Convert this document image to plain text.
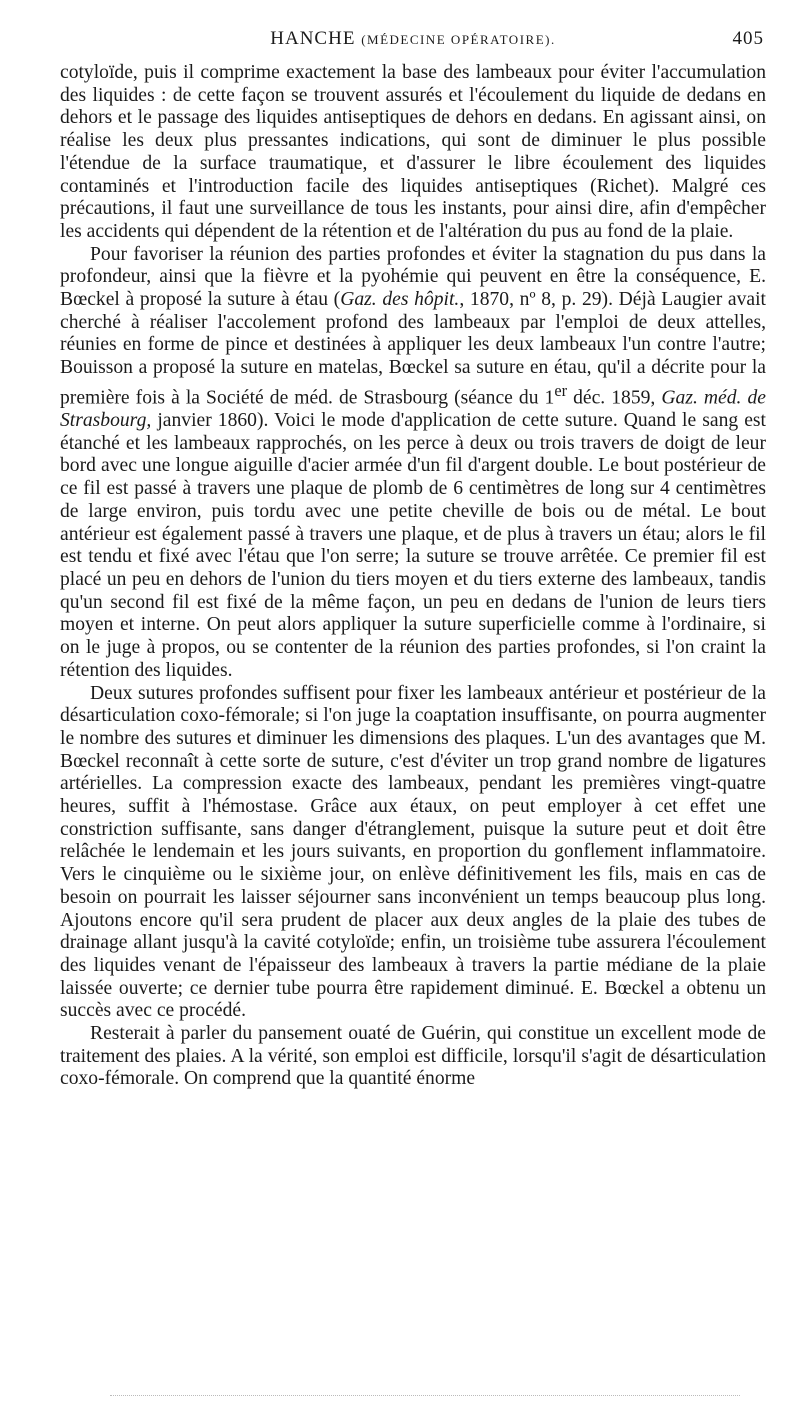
HANCHE (MÉDECINE OPÉRATOIRE).	405

cotyloïde, puis il comprime exactement la base des lambeaux pour éviter l'accumulation des liquides : de cette façon se trouvent assurés et l'écoulement du liquide de dedans en dehors et le passage des liquides antiseptiques de dehors en dedans. En agissant ainsi, on réalise les deux plus pressantes indications, qui sont de diminuer le plus possible l'étendue de la surface traumatique, et d'assurer le libre écoulement des liquides contaminés et l'introduction facile des liquides antiseptiques (Richet). Malgré ces précautions, il faut une surveillance de tous les instants, pour ainsi dire, afin d'empêcher les accidents qui dépendent de la rétention et de l'altération du pus au fond de la plaie.

Pour favoriser la réunion des parties profondes et éviter la stagnation du pus dans la profondeur, ainsi que la fièvre et la pyohémie qui peuvent en être la conséquence, E. Bœckel à proposé la suture à étau (Gaz. des hôpit., 1870, nº 8, p. 29). Déjà Laugier avait cherché à réaliser l'accolement profond des lambeaux par l'emploi de deux attelles, réunies en forme de pince et destinées à appliquer les deux lambeaux l'un contre l'autre; Bouisson a proposé la suture en matelas, Bœckel sa suture en étau, qu'il a décrite pour la première fois à la Société de méd. de Strasbourg (séance du 1er déc. 1859, Gaz. méd. de Strasbourg, janvier 1860). Voici le mode d'application de cette suture. Quand le sang est étanché et les lambeaux rapprochés, on les perce à deux ou trois travers de doigt de leur bord avec une longue aiguille d'acier armée d'un fil d'argent double. Le bout postérieur de ce fil est passé à travers une plaque de plomb de 6 centimètres de long sur 4 centimètres de large environ, puis tordu avec une petite cheville de bois ou de métal. Le bout antérieur est également passé à travers une plaque, et de plus à travers un étau; alors le fil est tendu et fixé avec l'étau que l'on serre; la suture se trouve arrêtée. Ce premier fil est placé un peu en dehors de l'union du tiers moyen et du tiers externe des lambeaux, tandis qu'un second fil est fixé de la même façon, un peu en dedans de l'union de leurs tiers moyen et interne. On peut alors appliquer la suture superficielle comme à l'ordinaire, si on le juge à propos, ou se contenter de la réunion des parties profondes, si l'on craint la rétention des liquides.

Deux sutures profondes suffisent pour fixer les lambeaux antérieur et postérieur de la désarticulation coxo-fémorale; si l'on juge la coaptation insuffisante, on pourra augmenter le nombre des sutures et diminuer les dimensions des plaques. L'un des avantages que M. Bœckel reconnaît à cette sorte de suture, c'est d'éviter un trop grand nombre de ligatures artérielles. La compression exacte des lambeaux, pendant les premières vingt-quatre heures, suffit à l'hémostase. Grâce aux étaux, on peut employer à cet effet une constriction suffisante, sans danger d'étranglement, puisque la suture peut et doit être relâchée le lendemain et les jours suivants, en proportion du gonflement inflammatoire. Vers le cinquième ou le sixième jour, on enlève définitivement les fils, mais en cas de besoin on pourrait les laisser séjourner sans inconvénient un temps beaucoup plus long. Ajoutons encore qu'il sera prudent de placer aux deux angles de la plaie des tubes de drainage allant jusqu'à la cavité cotyloïde; enfin, un troisième tube assurera l'écoulement des liquides venant de l'épaisseur des lambeaux à travers la partie médiane de la plaie laissée ouverte; ce dernier tube pourra être rapidement diminué. E. Bœckel a obtenu un succès avec ce procédé.

Resterait à parler du pansement ouaté de Guérin, qui constitue un excellent mode de traitement des plaies. A la vérité, son emploi est difficile, lorsqu'il s'agit de désarticulation coxo-fémorale. On comprend que la quantité énorme
